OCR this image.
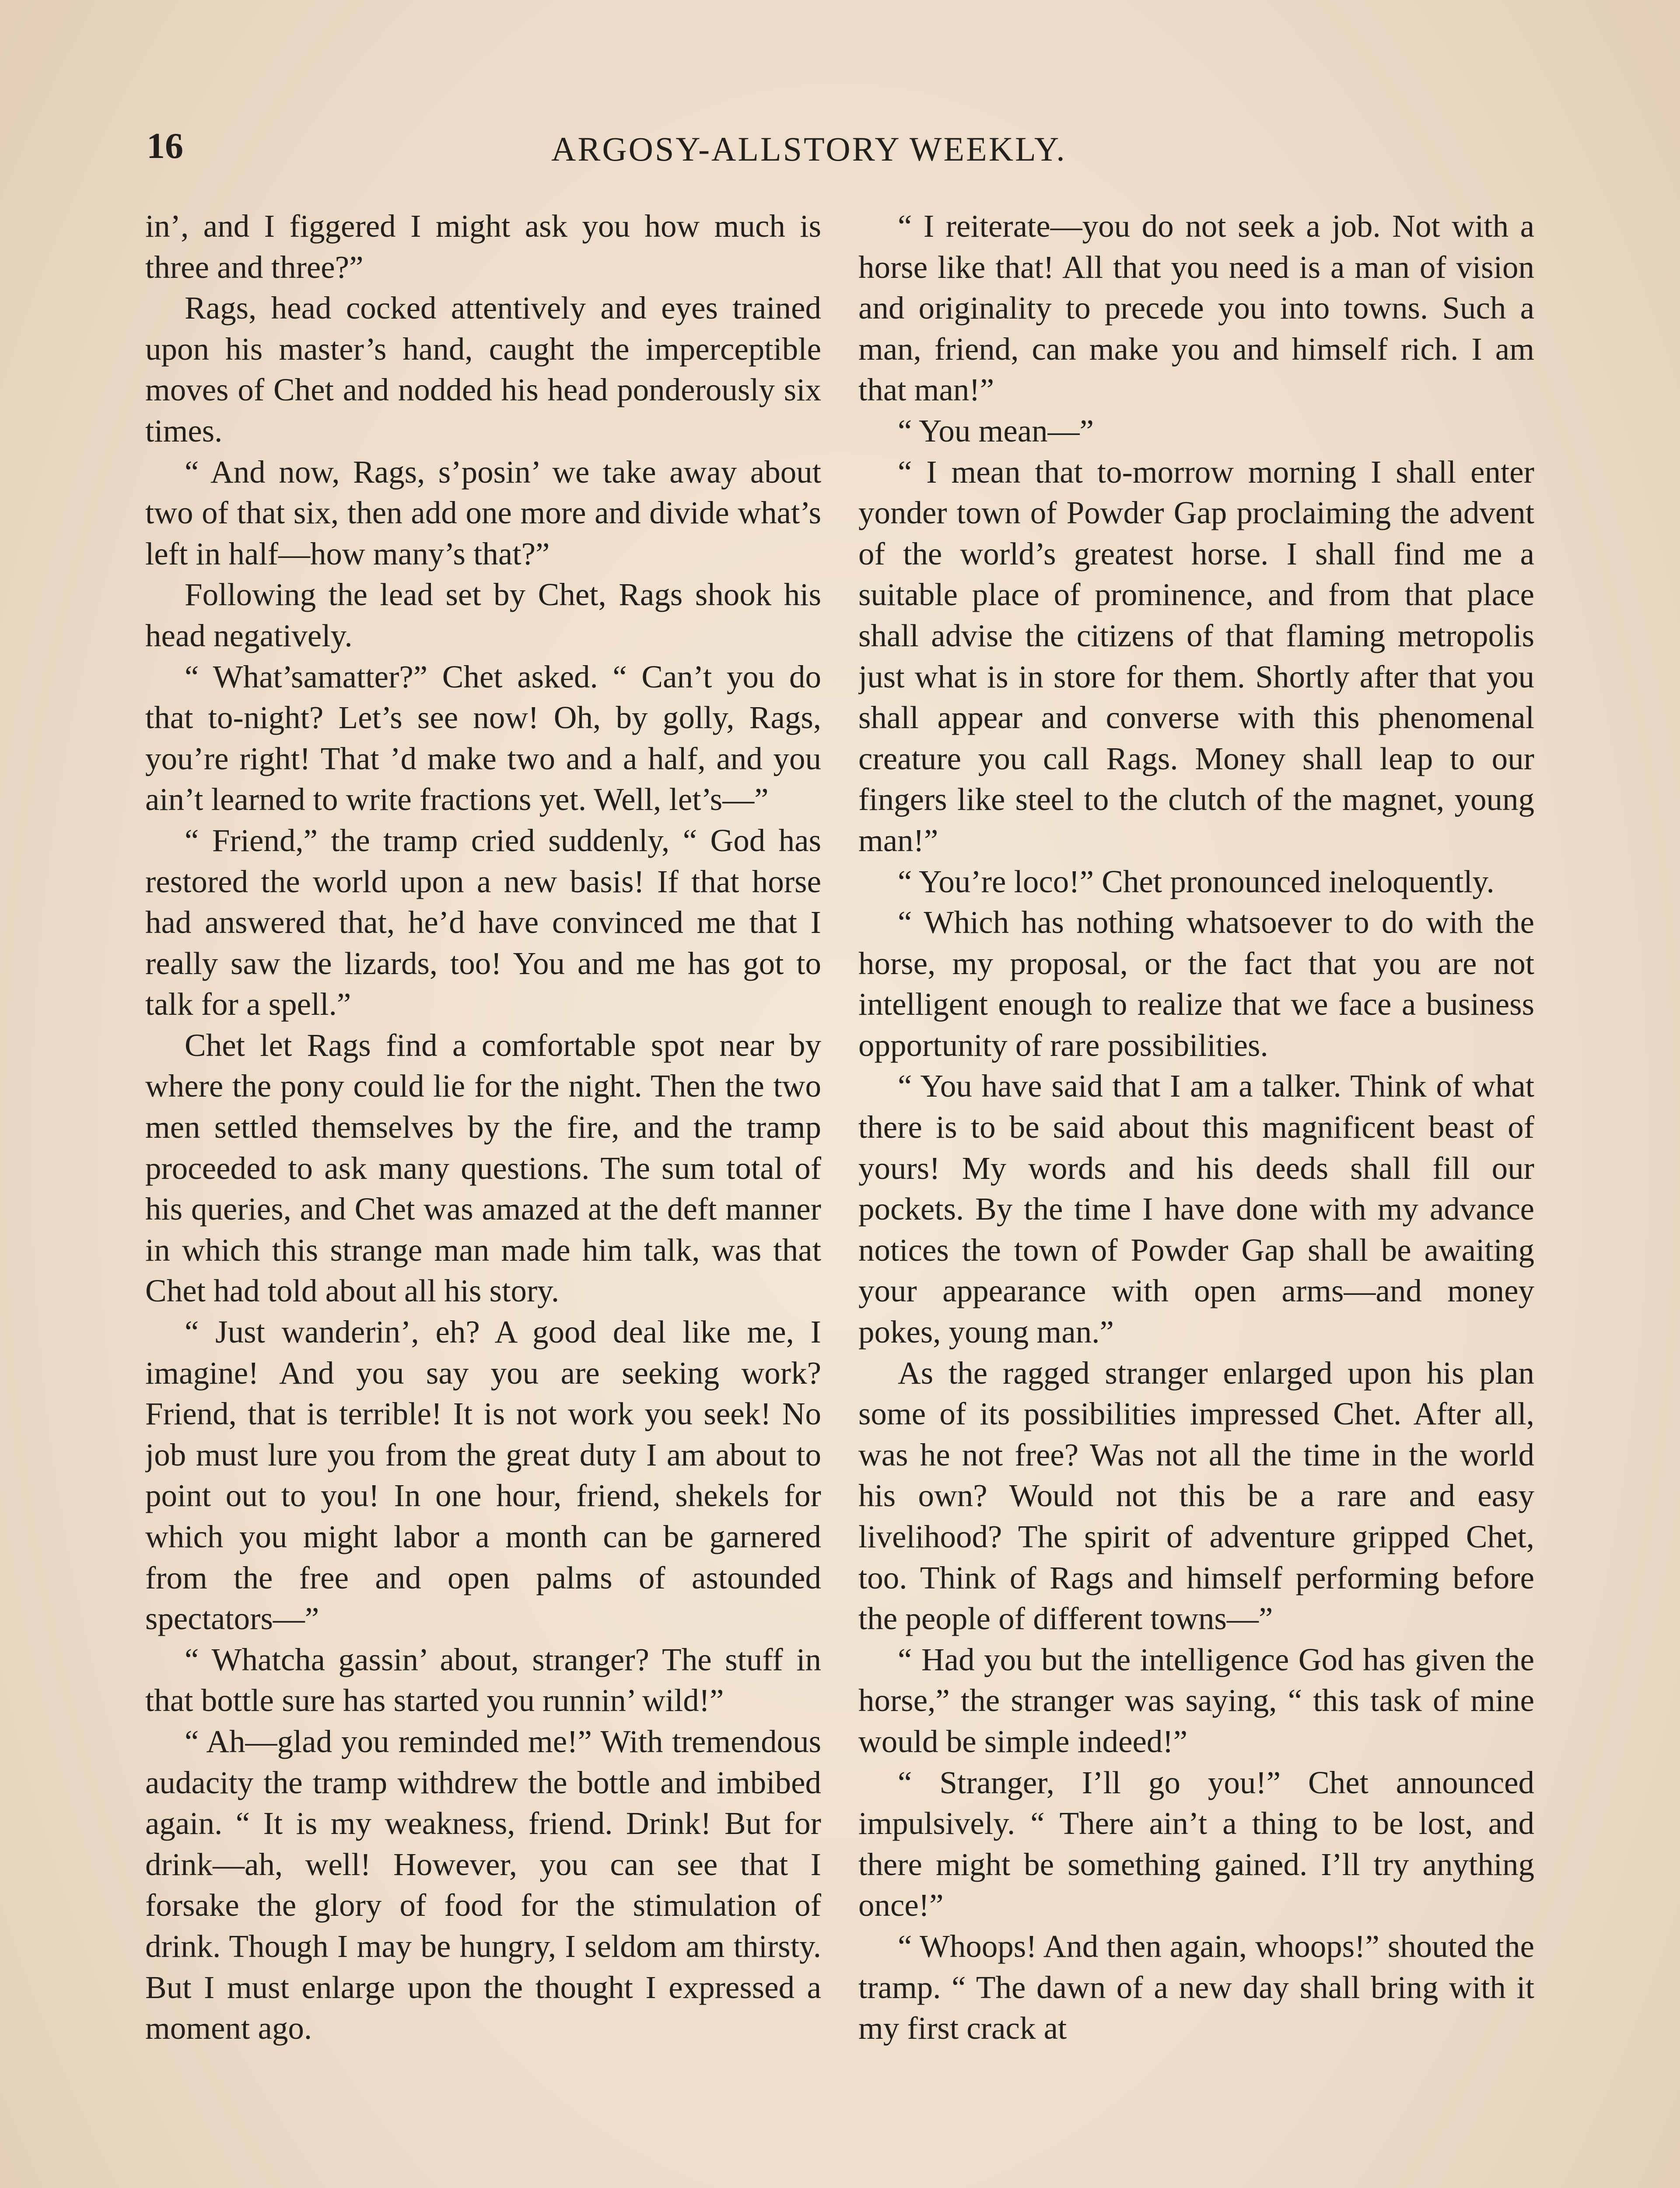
16	ARGOSY-ALLSTORY WEEKLY.

in’, and I figgered I might ask you how much is three and three?”

Rags, head cocked attentively and eyes trained upon his master’s hand, caught the imperceptible moves of Chet and nodded his head ponderously six times.

“ And now, Rags, s’posin’ we take away about two of that six, then add one more and divide what’s left in half—how many’s that?”

Following the lead set by Chet, Rags shook his head negatively.

“ What’samatter?” Chet asked. “ Can’t you do that to-night? Let’s see now! Oh, by golly, Rags, you’re right! That ’d make two and a half, and you ain’t learned to write fractions yet. Well, let’s—”

“ Friend,” the tramp cried suddenly, “ God has restored the world upon a new basis! If that horse had answered that, he’d have convinced me that I really saw the lizards, too! You and me has got to talk for a spell.”

Chet let Rags find a comfortable spot near by where the pony could lie for the night. Then the two men settled themselves by the fire, and the tramp proceeded to ask many questions. The sum total of his queries, and Chet was amazed at the deft manner in which this strange man made him talk, was that Chet had told about all his story.

“ Just wanderin’, eh? A good deal like me, I imagine! And you say you are seeking work? Friend, that is terrible! It is not work you seek! No job must lure you from the great duty I am about to point out to you! In one hour, friend, shekels for which you might labor a month can be garnered from the free and open palms of astounded spectators—”

“ Whatcha gassin’ about, stranger? The stuff in that bottle sure has started you runnin’ wild!”

“ Ah—glad you reminded me!” With tremendous audacity the tramp withdrew the bottle and imbibed again. “ It is my weakness, friend. Drink! But for drink—ah, well! However, you can see that I forsake the glory of food for the stimulation of drink. Though I may be hungry, I seldom am thirsty. But I must enlarge upon the thought I expressed a moment ago.

“ I reiterate—you do not seek a job. Not with a horse like that! All that you need is a man of vision and originality to precede you into towns. Such a man, friend, can make you and himself rich. I am that man!”

“ You mean—”

“ I mean that to-morrow morning I shall enter yonder town of Powder Gap proclaiming the advent of the world’s greatest horse. I shall find me a suitable place of prominence, and from that place shall advise the citizens of that flaming metropolis just what is in store for them. Shortly after that you shall appear and converse with this phenomenal creature you call Rags. Money shall leap to our fingers like steel to the clutch of the magnet, young man!”

“ You’re loco!” Chet pronounced ineloquently.

“ Which has nothing whatsoever to do with the horse, my proposal, or the fact that you are not intelligent enough to realize that we face a business opportunity of rare possibilities.

“ You have said that I am a talker. Think of what there is to be said about this magnificent beast of yours! My words and his deeds shall fill our pockets. By the time I have done with my advance notices the town of Powder Gap shall be awaiting your appearance with open arms—and money pokes, young man.”

As the ragged stranger enlarged upon his plan some of its possibilities impressed Chet. After all, was he not free? Was not all the time in the world his own? Would not this be a rare and easy livelihood? The spirit of adventure gripped Chet, too. Think of Rags and himself performing before the people of different towns—”

“ Had you but the intelligence God has given the horse,” the stranger was saying, “ this task of mine would be simple indeed!”

“ Stranger, I’ll go you!” Chet announced impulsively. “ There ain’t a thing to be lost, and there might be something gained. I’ll try anything once!”

“ Whoops! And then again, whoops!” shouted the tramp. “ The dawn of a new day shall bring with it my first crack at
